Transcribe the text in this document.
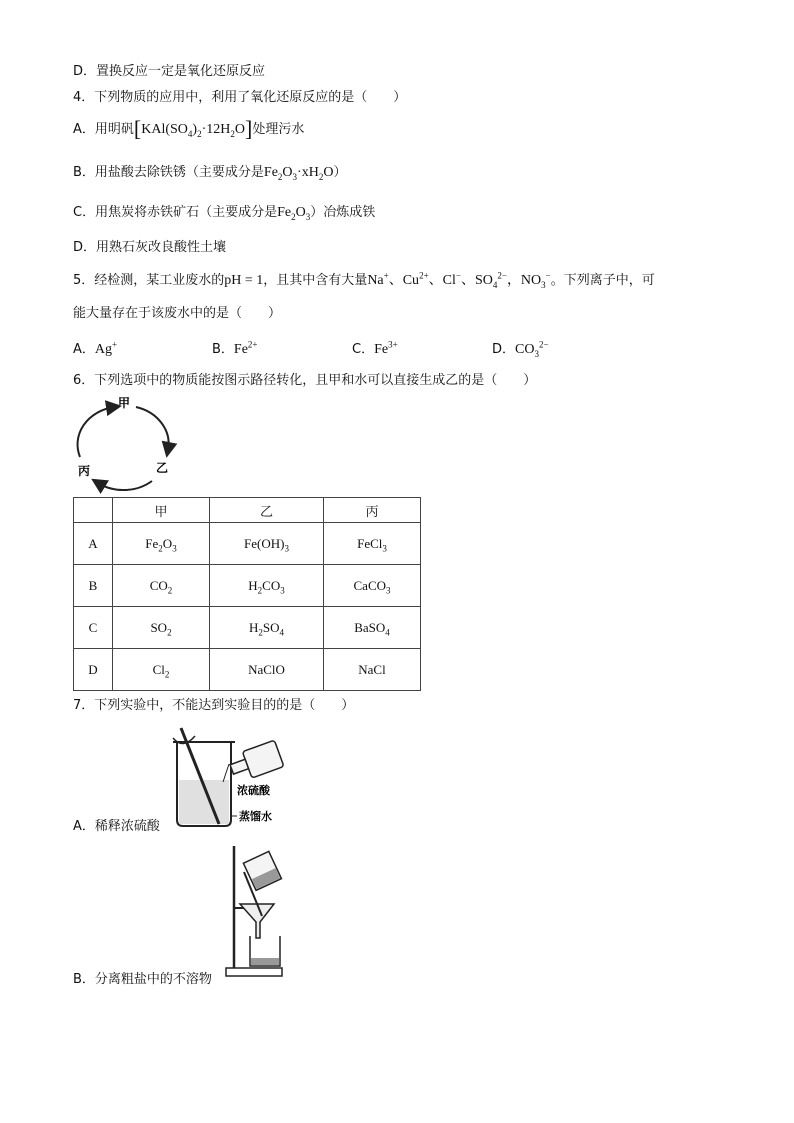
D．置换反应一定是氧化还原反应
4．下列物质的应用中，利用了氧化还原反应的是（　　）
A．用明矾$[KAl(SO_4)_2\cdot 12H_2O]$处理污水
B．用盐酸去除铁锈（主要成分是$Fe_2O_3\cdot xH_2O$）
C．用焦炭将赤铁矿石（主要成分是$Fe_2O_3$）冶炼成铁
D．用熟石灰改良酸性土壤
5．经检测，某工业废水的pH = 1，且其中含有大量Na+、$Cu^{2+}$、Cl−、$SO_4^{2-}$，$NO_3^-$。下列离子中，可
能大量存在于该废水中的是（　　）
A．Ag+	B．$Fe^{2+}$	C．$Fe^{3+}$	D．$CO_3^{2-}$
6．下列选项中的物质能按图示路径转化，且甲和水可以直接生成乙的是（　　）
甲
乙
丙
	甲	乙	丙
A	$Fe_2O_3$	$Fe(OH)_3$	FeCl$_3$
B	$CO_2$	$H_2CO_3$	CaCO$_3$
C	$SO_2$	$H_2SO_4$	BaSO$_4$
D	$Cl_2$	NaClO	NaCl
7．下列实验中，不能达到实验目的的是（　　）
浓硫酸
蒸馏水
A．稀释浓硫酸
B．分离粗盐中的不溶物
